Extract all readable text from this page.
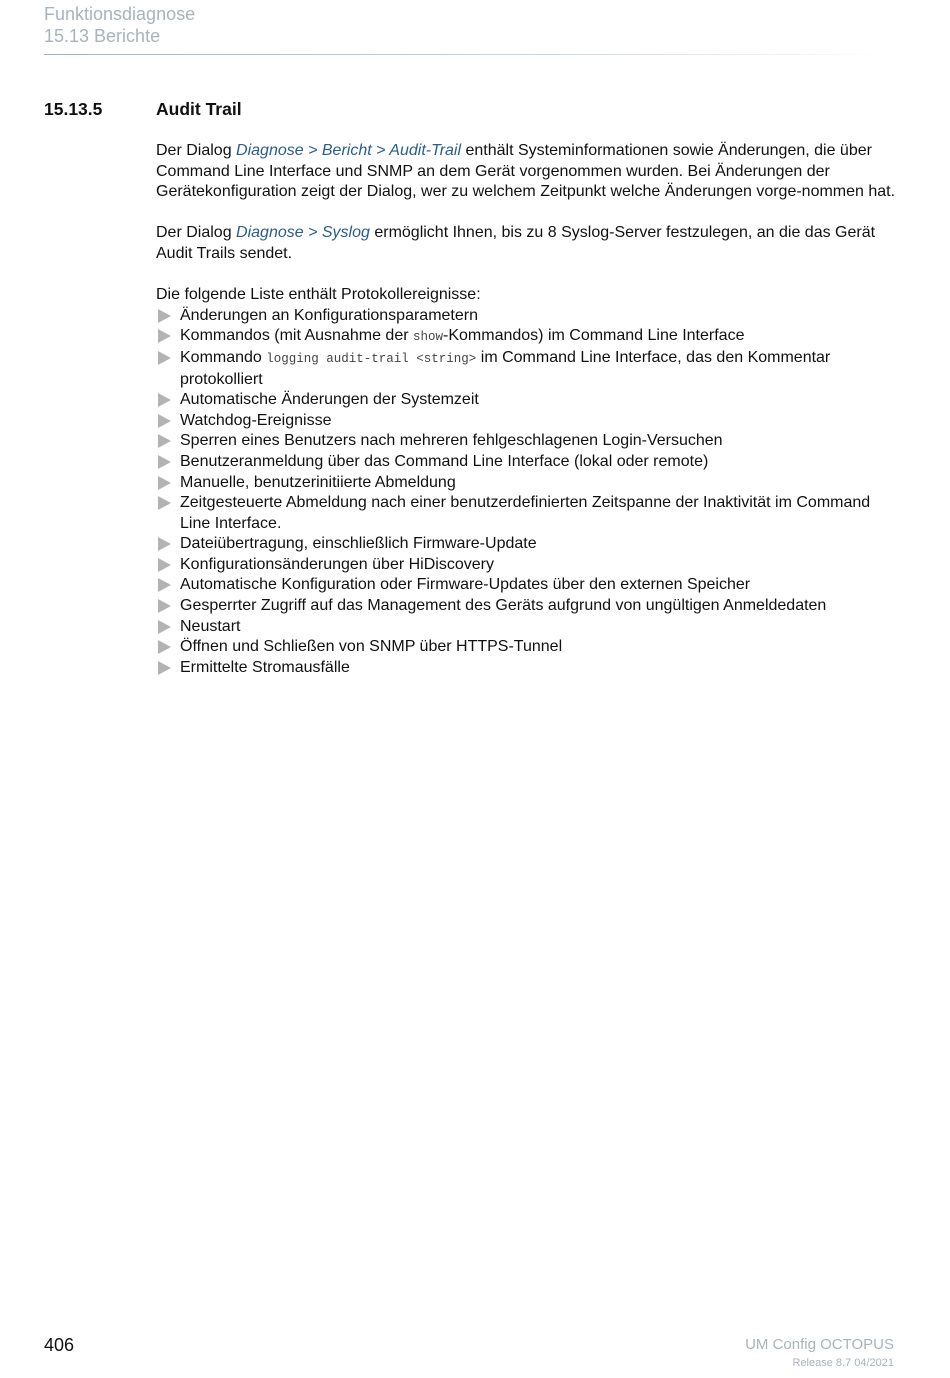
Funktionsdiagnose
15.13 Berichte
15.13.5	Audit Trail

Der Dialog Diagnose > Bericht > Audit-Trail enthält Systeminformationen sowie Änderungen, die über Command Line Interface und SNMP an dem Gerät vorgenommen wurden. Bei Änderungen der Gerätekonfiguration zeigt der Dialog, wer zu welchem Zeitpunkt welche Änderungen vorge-nommen hat.

Der Dialog Diagnose > Syslog ermöglicht Ihnen, bis zu 8 Syslog-Server festzulegen, an die das Gerät Audit Trails sendet.

Die folgende Liste enthält Protokollereignisse:
Änderungen an Konfigurationsparametern
Kommandos (mit Ausnahme der show-Kommandos) im Command Line Interface
Kommando logging audit-trail <string> im Command Line Interface, das den Kommentar protokolliert
Automatische Änderungen der Systemzeit
Watchdog-Ereignisse
Sperren eines Benutzers nach mehreren fehlgeschlagenen Login-Versuchen
Benutzeranmeldung über das Command Line Interface (lokal oder remote)
Manuelle, benutzerinitiierte Abmeldung
Zeitgesteuerte Abmeldung nach einer benutzerdefinierten Zeitspanne der Inaktivität im Command Line Interface.
Dateiübertragung, einschließlich Firmware-Update
Konfigurationsänderungen über HiDiscovery
Automatische Konfiguration oder Firmware-Updates über den externen Speicher
Gesperrter Zugriff auf das Management des Geräts aufgrund von ungültigen Anmeldedaten
Neustart
Öffnen und Schließen von SNMP über HTTPS-Tunnel
Ermittelte Stromausfälle
406	UM Config OCTOPUS
Release 8.7 04/2021
